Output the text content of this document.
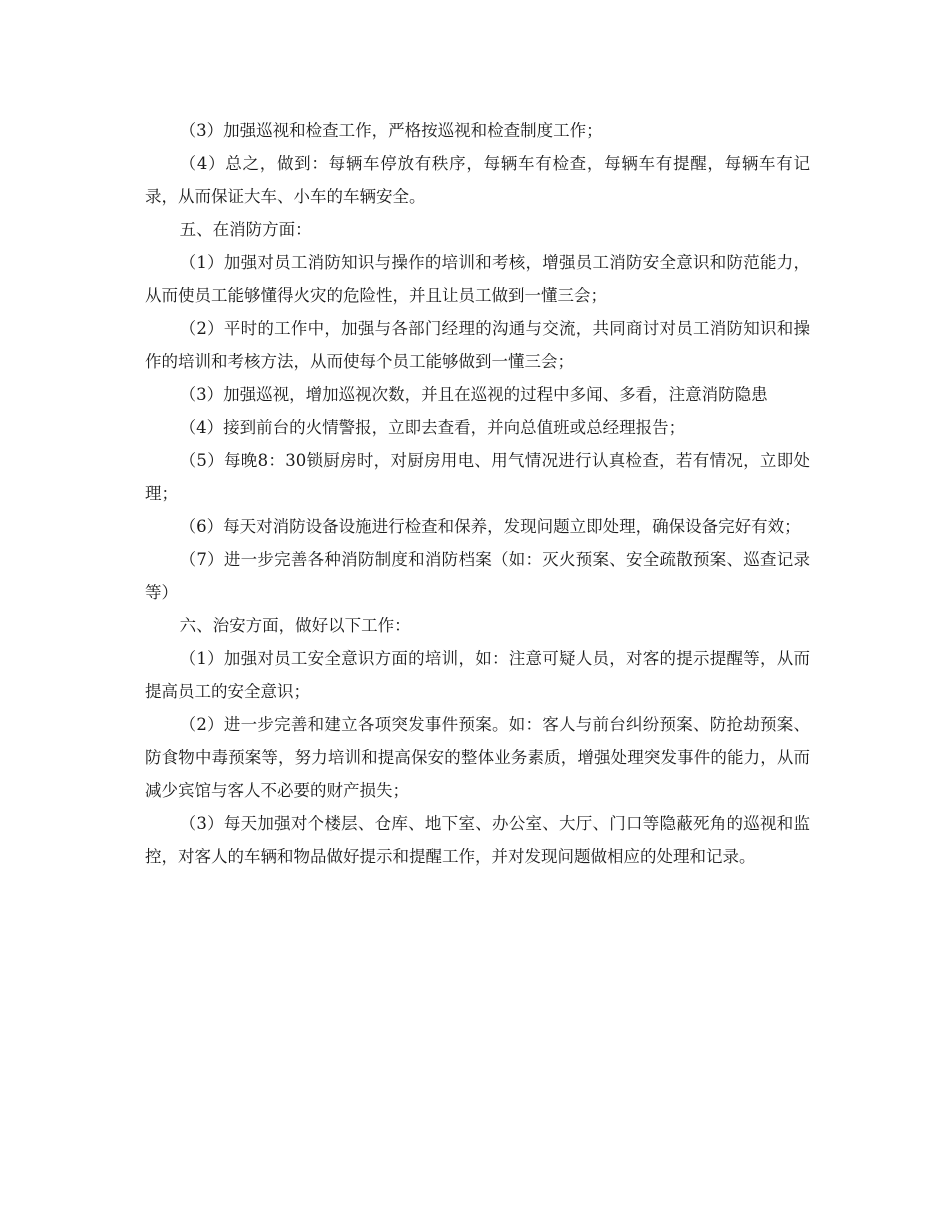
（3）加强巡视和检查工作，严格按巡视和检查制度工作；

（4）总之，做到：每辆车停放有秩序，每辆车有检查，每辆车有提醒，每辆车有记录，从而保证大车、小车的车辆安全。

五、在消防方面：

（1）加强对员工消防知识与操作的培训和考核，增强员工消防安全意识和防范能力，从而使员工能够懂得火灾的危险性，并且让员工做到一懂三会；

（2）平时的工作中，加强与各部门经理的沟通与交流，共同商讨对员工消防知识和操作的培训和考核方法，从而使每个员工能够做到一懂三会；

（3）加强巡视，增加巡视次数，并且在巡视的过程中多闻、多看，注意消防隐患

（4）接到前台的火情警报，立即去查看，并向总值班或总经理报告；

（5）每晚8：30锁厨房时，对厨房用电、用气情况进行认真检查，若有情况，立即处理；

（6）每天对消防设备设施进行检查和保养，发现问题立即处理，确保设备完好有效；

（7）进一步完善各种消防制度和消防档案（如：灭火预案、安全疏散预案、巡查记录等）

六、治安方面，做好以下工作：

（1）加强对员工安全意识方面的培训，如：注意可疑人员，对客的提示提醒等，从而提高员工的安全意识；

（2）进一步完善和建立各项突发事件预案。如：客人与前台纠纷预案、防抢劫预案、防食物中毒预案等，努力培训和提高保安的整体业务素质，增强处理突发事件的能力，从而减少宾馆与客人不必要的财产损失；

（3）每天加强对个楼层、仓库、地下室、办公室、大厅、门口等隐蔽死角的巡视和监控，对客人的车辆和物品做好提示和提醒工作，并对发现问题做相应的处理和记录。
